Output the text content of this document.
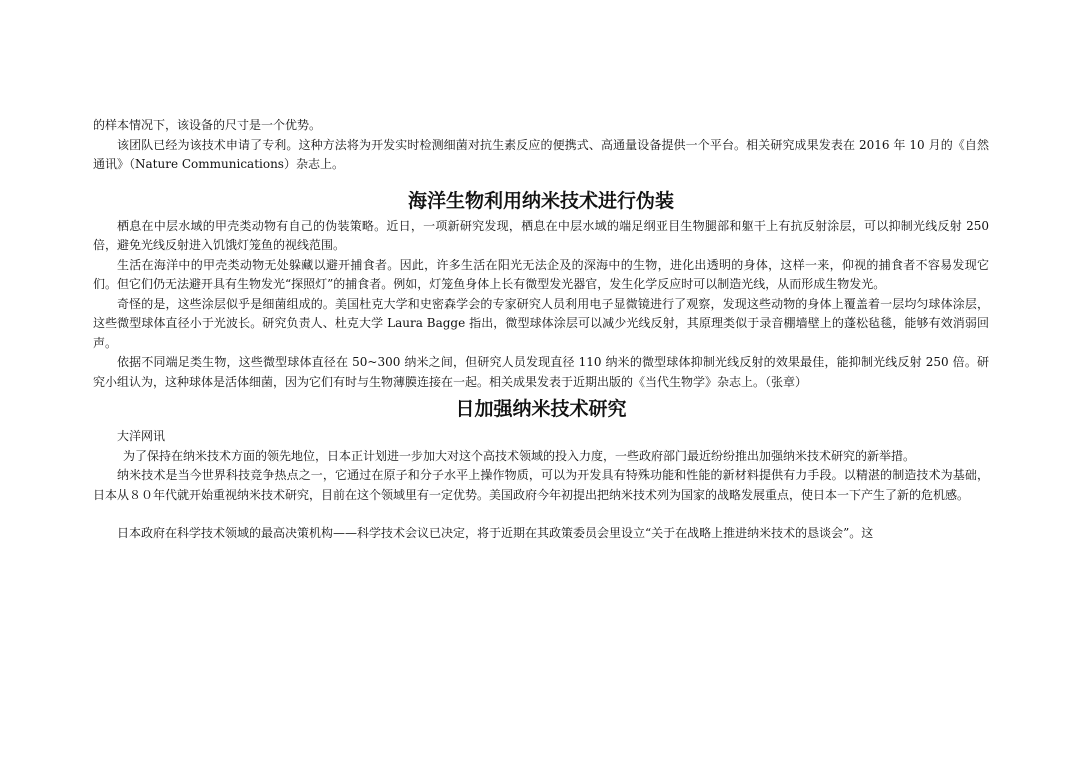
的样本情况下，该设备的尺寸是一个优势。

该团队已经为该技术申请了专利。这种方法将为开发实时检测细菌对抗生素反应的便携式、高通量设备提供一个平台。相关研究成果发表在 2016 年 10 月的《自然通讯》（Nature Communications）杂志上。

海洋生物利用纳米技术进行伪装

栖息在中层水域的甲壳类动物有自己的伪装策略。近日，一项新研究发现，栖息在中层水域的端足纲亚目生物腿部和躯干上有抗反射涂层，可以抑制光线反射 250 倍，避免光线反射进入饥饿灯笼鱼的视线范围。

生活在海洋中的甲壳类动物无处躲藏以避开捕食者。因此，许多生活在阳光无法企及的深海中的生物，进化出透明的身体，这样一来，仰视的捕食者不容易发现它们。但它们仍无法避开具有生物发光“探照灯”的捕食者。例如，灯笼鱼身体上长有微型发光器官，发生化学反应时可以制造光线，从而形成生物发光。

奇怪的是，这些涂层似乎是细菌组成的。美国杜克大学和史密森学会的专家研究人员利用电子显微镜进行了观察，发现这些动物的身体上覆盖着一层均匀球体涂层，这些微型球体直径小于光波长。研究负责人、杜克大学 Laura Bagge 指出，微型球体涂层可以减少光线反射，其原理类似于录音棚墙壁上的蓬松毡毯，能够有效消弱回声。

依据不同端足类生物，这些微型球体直径在 50~300 纳米之间，但研究人员发现直径 110 纳米的微型球体抑制光线反射的效果最佳，能抑制光线反射 250 倍。研究小组认为，这种球体是活体细菌，因为它们有时与生物薄膜连接在一起。相关成果发表于近期出版的《当代生物学》杂志上。（张章）

日加强纳米技术研究

大洋网讯

为了保持在纳米技术方面的领先地位，日本正计划进一步加大对这个高技术领域的投入力度，一些政府部门最近纷纷推出加强纳米技术研究的新举措。

纳米技术是当今世界科技竞争热点之一，它通过在原子和分子水平上操作物质，可以为开发具有特殊功能和性能的新材料提供有力手段。以精湛的制造技术为基础，日本从８０年代就开始重视纳米技术研究，目前在这个领域里有一定优势。美国政府今年初提出把纳米技术列为国家的战略发展重点，使日本一下产生了新的危机感。

日本政府在科学技术领域的最高决策机构——科学技术会议已决定，将于近期在其政策委员会里设立“关于在战略上推进纳米技术的恳谈会”。这
